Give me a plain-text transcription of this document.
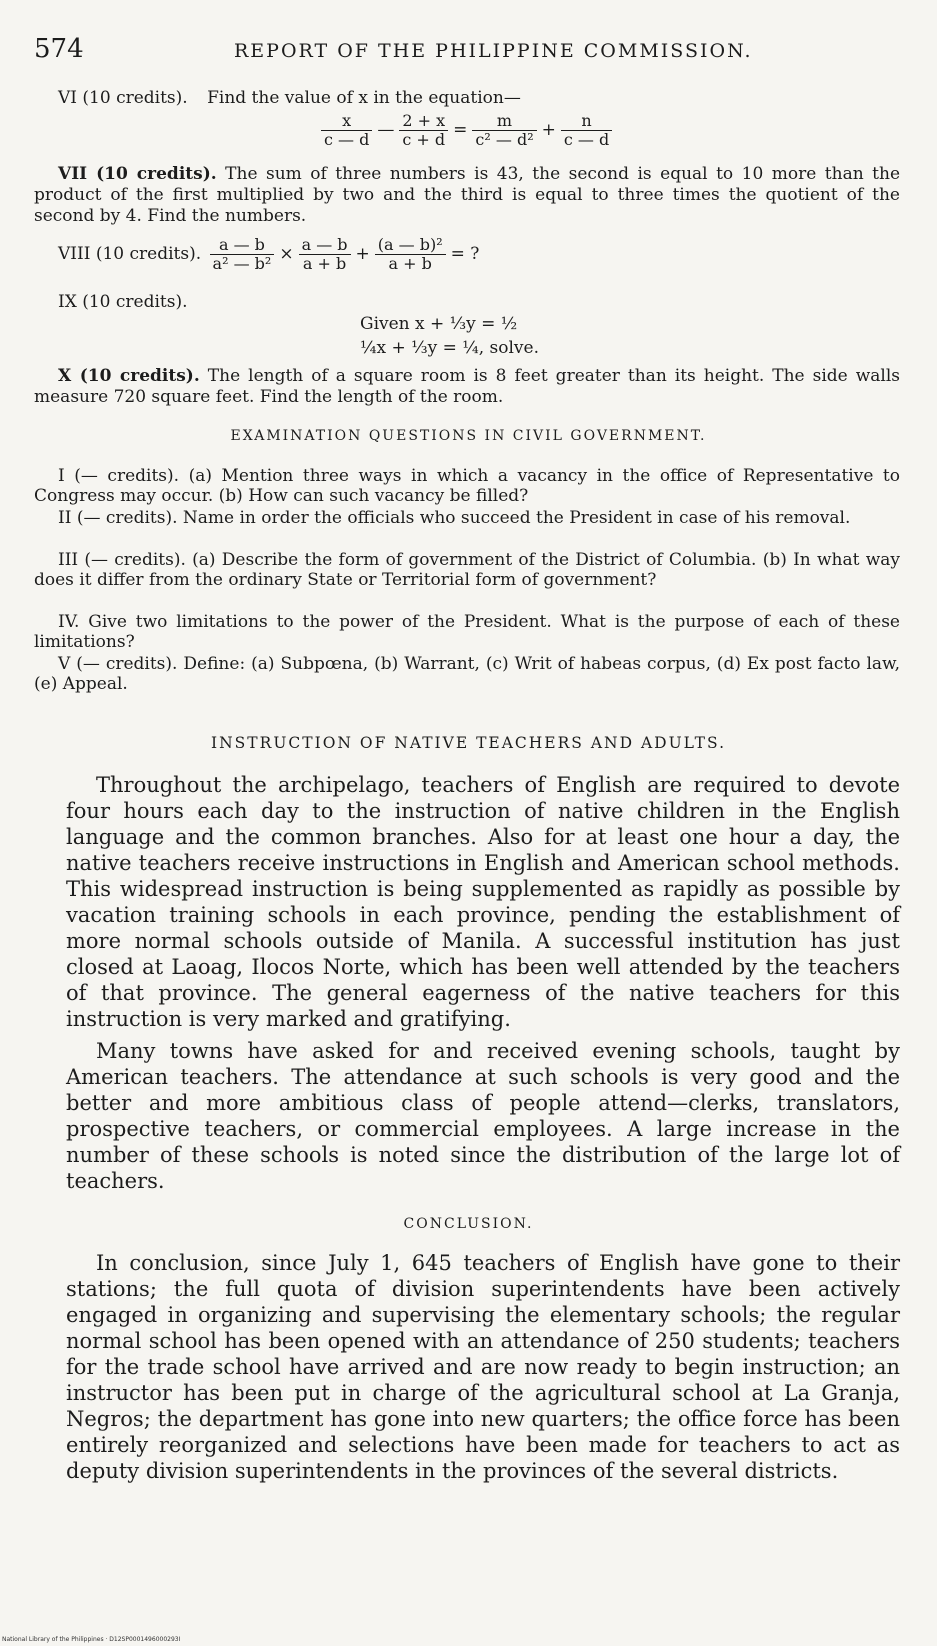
574	REPORT OF THE PHILIPPINE COMMISSION.
VI (10 credits). Find the value of x in the equation—
$\frac{x}{c — d}$ — $\frac{2 + x}{c + d} = \frac{m}{\text{c² — d²}} + \frac{n}{c — d}$
VII (10 credits). The sum of three numbers is 43, the second is equal to 10 more than the product of the first multiplied by two and the third is equal to three times the quotient of the second by 4. Find the numbers.
VIII (10 credits). $\frac{a — b}{\text{a² — b²}} \times \frac{a — b}{a + b} + \frac{\text{(a — b)²}}{a + b}$ = ?
IX (10 credits).
Given x + ⅓y = ½
¼x + ⅓y = ¼, solve.
X (10 credits). The length of a square room is 8 feet greater than its height. The side walls measure 720 square feet. Find the length of the room.
EXAMINATION QUESTIONS IN CIVIL GOVERNMENT.
I (— credits). (a) Mention three ways in which a vacancy in the office of Representative to Congress may occur. (b) How can such vacancy be filled?
II (— credits). Name in order the officials who succeed the President in case of his removal.
III (— credits). (a) Describe the form of government of the District of Columbia. (b) In what way does it differ from the ordinary State or Territorial form of government?
IV. Give two limitations to the power of the President. What is the purpose of each of these limitations?
V (— credits). Define: (a) Subpœna, (b) Warrant, (c) Writ of habeas corpus, (d) Ex post facto law, (e) Appeal.
INSTRUCTION OF NATIVE TEACHERS AND ADULTS.
Throughout the archipelago, teachers of English are required to devote four hours each day to the instruction of native children in the English language and the common branches. Also for at least one hour a day, the native teachers receive instructions in English and American school methods. This widespread instruction is being supplemented as rapidly as possible by vacation training schools in each province, pending the establishment of more normal schools outside of Manila. A successful institution has just closed at Laoag, Ilocos Norte, which has been well attended by the teachers of that province. The general eagerness of the native teachers for this instruction is very marked and gratifying.
Many towns have asked for and received evening schools, taught by American teachers. The attendance at such schools is very good and the better and more ambitious class of people attend—clerks, translators, prospective teachers, or commercial employees. A large increase in the number of these schools is noted since the distribution of the large lot of teachers.
CONCLUSION.
In conclusion, since July 1, 645 teachers of English have gone to their stations; the full quota of division superintendents have been actively engaged in organizing and supervising the elementary schools; the regular normal school has been opened with an attendance of 250 students; teachers for the trade school have arrived and are now ready to begin instruction; an instructor has been put in charge of the agricultural school at La Granja, Negros; the department has gone into new quarters; the office force has been entirely reorganized and selections have been made for teachers to act as deputy division superintendents in the provinces of the several districts.
National Library of the Philippines · D12SP0001496000293I
